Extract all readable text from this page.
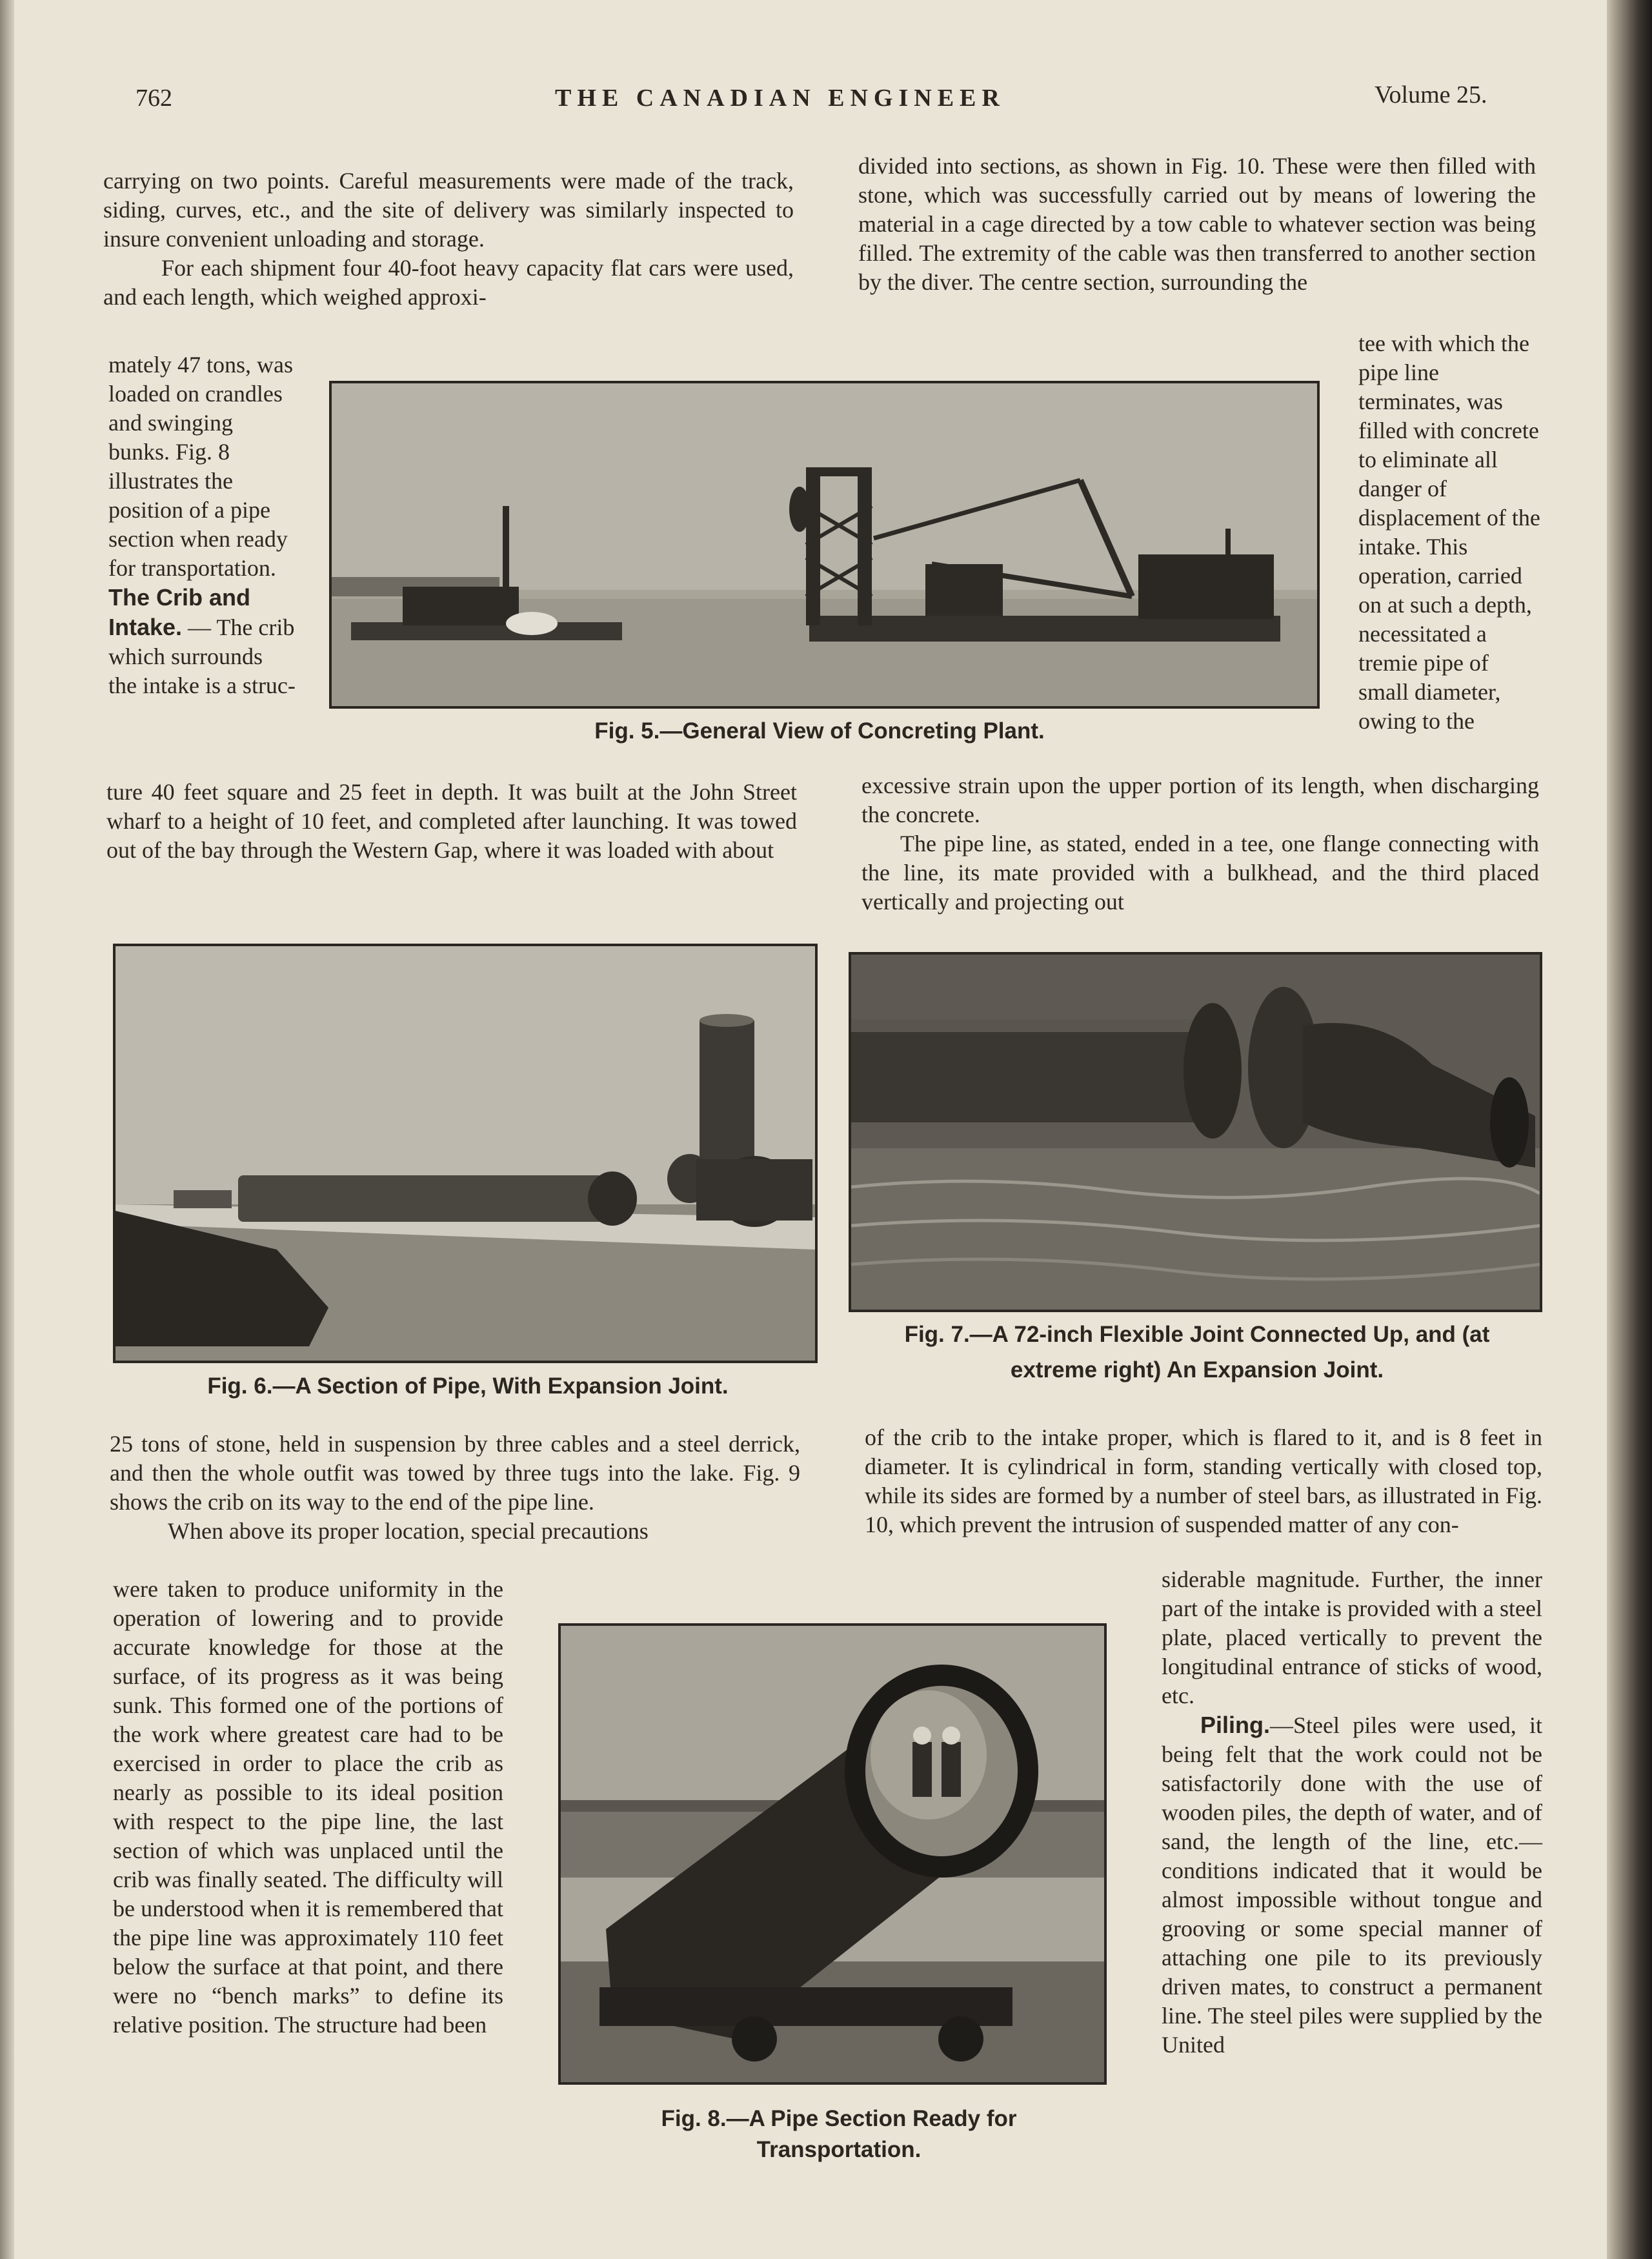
762	THE CANADIAN ENGINEER	Volume 25.

carrying on two points. Careful measurements were made of the track, siding, curves, etc., and the site of delivery was similarly inspected to insure convenient unloading and storage.

For each shipment four 40-foot heavy capacity flat cars were used, and each length, which weighed approxi-

mately 47 tons, was loaded on crandles and swinging bunks. Fig. 8 illustrates the position of a pipe section when ready for transportation.

The Crib and Intake. — The crib which surrounds the intake is a struc-

ture 40 feet square and 25 feet in depth. It was built at the John Street wharf to a height of 10 feet, and completed after launching. It was towed out of the bay through the Western Gap, where it was loaded with about

divided into sections, as shown in Fig. 10. These were then filled with stone, which was successfully carried out by means of lowering the material in a cage directed by a tow cable to whatever section was being filled. The extremity of the cable was then transferred to another section by the diver. The centre section, surrounding the

tee with which the pipe line terminates, was filled with concrete to eliminate all danger of displacement of the intake. This operation, carried on at such a depth, necessitated a tremie pipe of small diameter, owing to the

excessive strain upon the upper portion of its length, when discharging the concrete.

The pipe line, as stated, ended in a tee, one flange connecting with the line, its mate provided with a bulkhead, and the third placed vertically and projecting out

Fig. 5.—General View of Concreting Plant.
Fig. 6.—A Section of Pipe, With Expansion Joint.
Fig. 7.—A 72-inch Flexible Joint Connected Up, and (at
extreme right) An Expansion Joint.

25 tons of stone, held in suspension by three cables and a steel derrick, and then the whole outfit was towed by three tugs into the lake. Fig. 9 shows the crib on its way to the end of the pipe line.

When above its proper location, special precautions

were taken to produce uniformity in the operation of lowering and to provide accurate knowledge for those at the surface, of its progress as it was being sunk. This formed one of the portions of the work where greatest care had to be exercised in order to place the crib as nearly as possible to its ideal position with respect to the pipe line, the last section of which was unplaced until the crib was finally seated. The difficulty will be understood when it is remembered that the pipe line was approximately 110 feet below the surface at that point, and there were no “bench marks” to define its relative position. The structure had been

Fig. 8.—A Pipe Section Ready for
Transportation.

of the crib to the intake proper, which is flared to it, and is 8 feet in diameter. It is cylindrical in form, standing vertically with closed top, while its sides are formed by a number of steel bars, as illustrated in Fig. 10, which prevent the intrusion of suspended matter of any con-

siderable magnitude. Further, the inner part of the intake is provided with a steel plate, placed vertically to prevent the longitudinal entrance of sticks of wood, etc.

Piling.—Steel piles were used, it being felt that the work could not be satisfactorily done with the use of wooden piles, the depth of water, and of sand, the length of the line, etc.— conditions indicated that it would be almost impossible without tongue and grooving or some special manner of attaching one pile to its previously driven mates, to construct a permanent line. The steel piles were supplied by the United
